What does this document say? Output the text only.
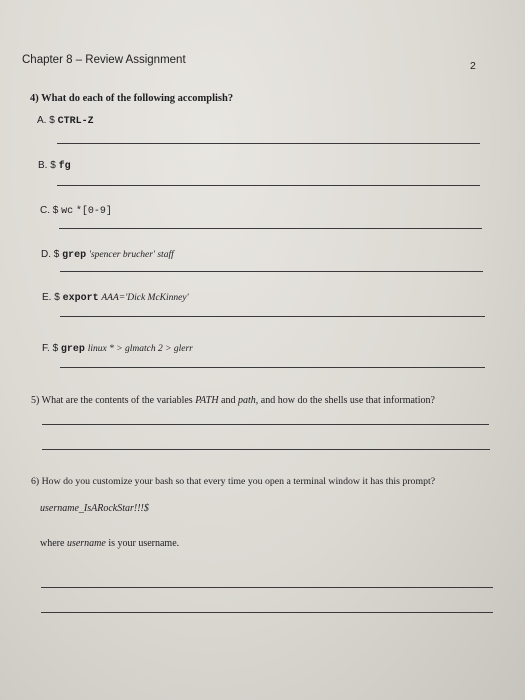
Chapter 8 – Review Assignment	2
4) What do each of the following accomplish?
A. $ CTRL-Z
B. $ fg
C. $ wc *[0-9]
D. $ grep 'spencer brucher' staff
E. $ export AAA='Dick McKinney'
F. $ grep linux * > glmatch 2 > glerr
5) What are the contents of the variables PATH and path, and how do the shells use that information?
6) How do you customize your bash so that every time you open a terminal window it has this prompt?
username_IsARockStar!!!$
where username is your username.
